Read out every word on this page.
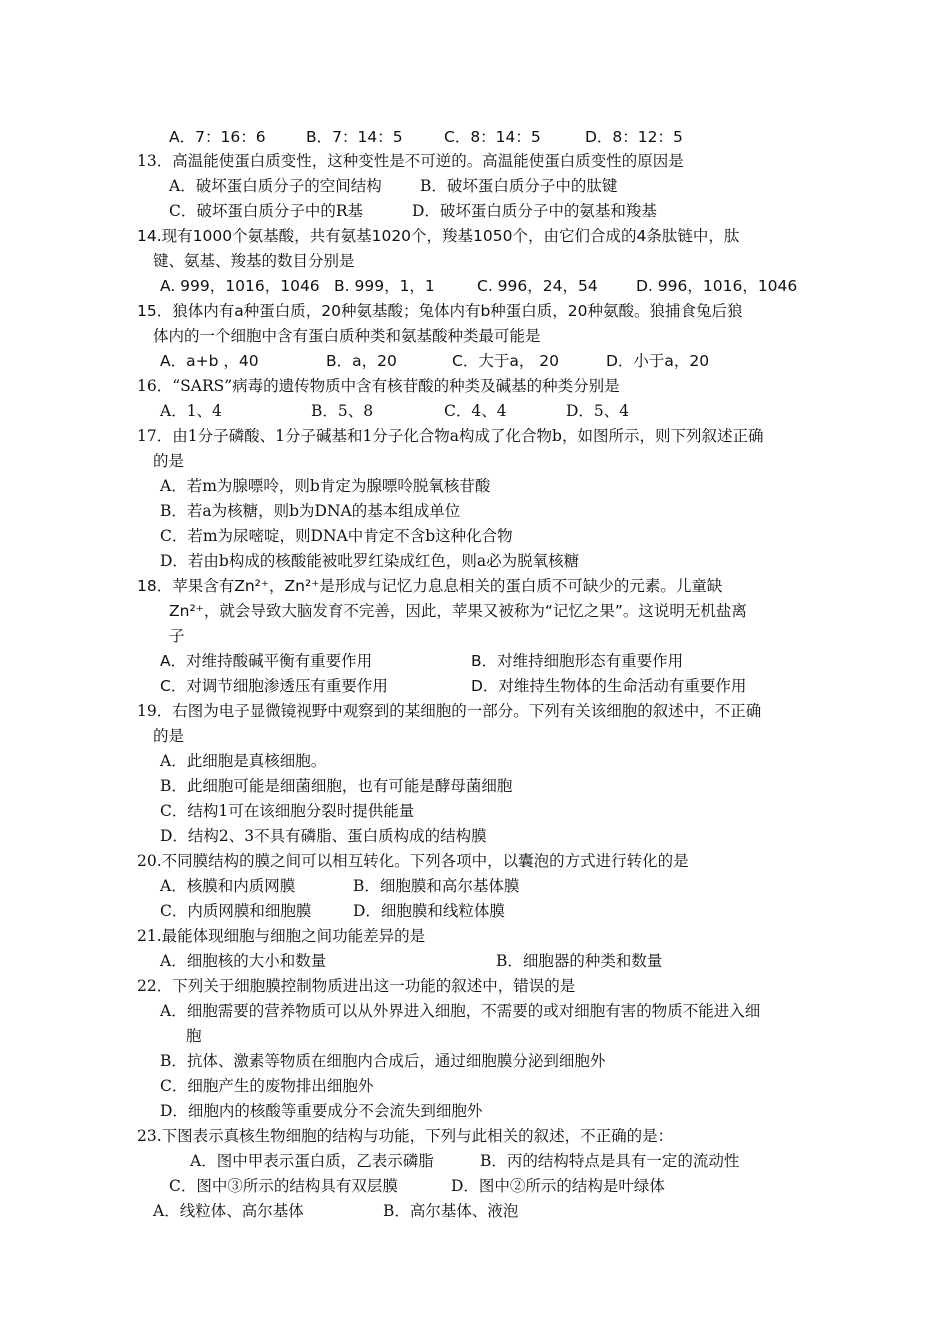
A．7：16：6	B．7：14：5	C．8：14：5	D．8：12：5
13．高温能使蛋白质变性，这种变性是不可逆的。高温能使蛋白质变性的原因是
A．破坏蛋白质分子的空间结构 B．破坏蛋白质分子中的肽键
C．破坏蛋白质分子中的R基	D．破坏蛋白质分子中的氨基和羧基
14.现有1000个氨基酸，共有氨基1020个，羧基1050个，由它们合成的4条肽链中，肽
键、氨基、羧基的数目分别是
A. 999，1016，1046 B. 999，1，1	C. 996，24，54 D. 996，1016，1046
15．狼体内有a种蛋白质，20种氨基酸；兔体内有b种蛋白质，20种氨酸。狼捕食兔后狼
体内的一个细胞中含有蛋白质种类和氨基酸种类最可能是
A．a+b ，40	B．a，20	C．大于a， 20	D．小于a，20
16．“SARS”病毒的遗传物质中含有核苷酸的种类及碱基的种类分别是
A．1、4	B．5、8	C．4、4	D．5、4
17．由1分子磷酸、1分子碱基和1分子化合物a构成了化合物b，如图所示，则下列叙述正确
的是
A．若m为腺嘌呤，则b肯定为腺嘌呤脱氧核苷酸
B．若a为核糖，则b为DNA的基本组成单位
C．若m为尿嘧啶，则DNA中肯定不含b这种化合物
D．若由b构成的核酸能被吡罗红染成红色，则a必为脱氧核糖
18．苹果含有Zn²⁺，Zn²⁺是形成与记忆力息息相关的蛋白质不可缺少的元素。儿童缺
Zn²⁺，就会导致大脑发育不完善，因此，苹果又被称为“记忆之果”。这说明无机盐离
子
A．对维持酸碱平衡有重要作用	B．对维持细胞形态有重要作用
C．对调节细胞渗透压有重要作用	D．对维持生物体的生命活动有重要作用
19．右图为电子显微镜视野中观察到的某细胞的一部分。下列有关该细胞的叙述中，不正确
的是
A．此细胞是真核细胞。
B．此细胞可能是细菌细胞，也有可能是酵母菌细胞
C．结构1可在该细胞分裂时提供能量
D．结构2、3不具有磷脂、蛋白质构成的结构膜
20.不同膜结构的膜之间可以相互转化。下列各项中，以囊泡的方式进行转化的是
A．核膜和内质网膜	B．细胞膜和高尔基体膜
C．内质网膜和细胞膜	D．细胞膜和线粒体膜
21.最能体现细胞与细胞之间功能差异的是
A．细胞核的大小和数量	B．细胞器的种类和数量
22．下列关于细胞膜控制物质进出这一功能的叙述中，错误的是
A．细胞需要的营养物质可以从外界进入细胞，不需要的或对细胞有害的物质不能进入细
胞
B．抗体、激素等物质在细胞内合成后，通过细胞膜分泌到细胞外
C．细胞产生的废物排出细胞外
D．细胞内的核酸等重要成分不会流失到细胞外
23.下图表示真核生物细胞的结构与功能，下列与此相关的叙述，不正确的是：
A．图中甲表示蛋白质，乙表示磷脂	B．丙的结构特点是具有一定的流动性
C．图中③所示的结构具有双层膜	D．图中②所示的结构是叶绿体
A．线粒体、高尔基体	B．高尔基体、液泡
